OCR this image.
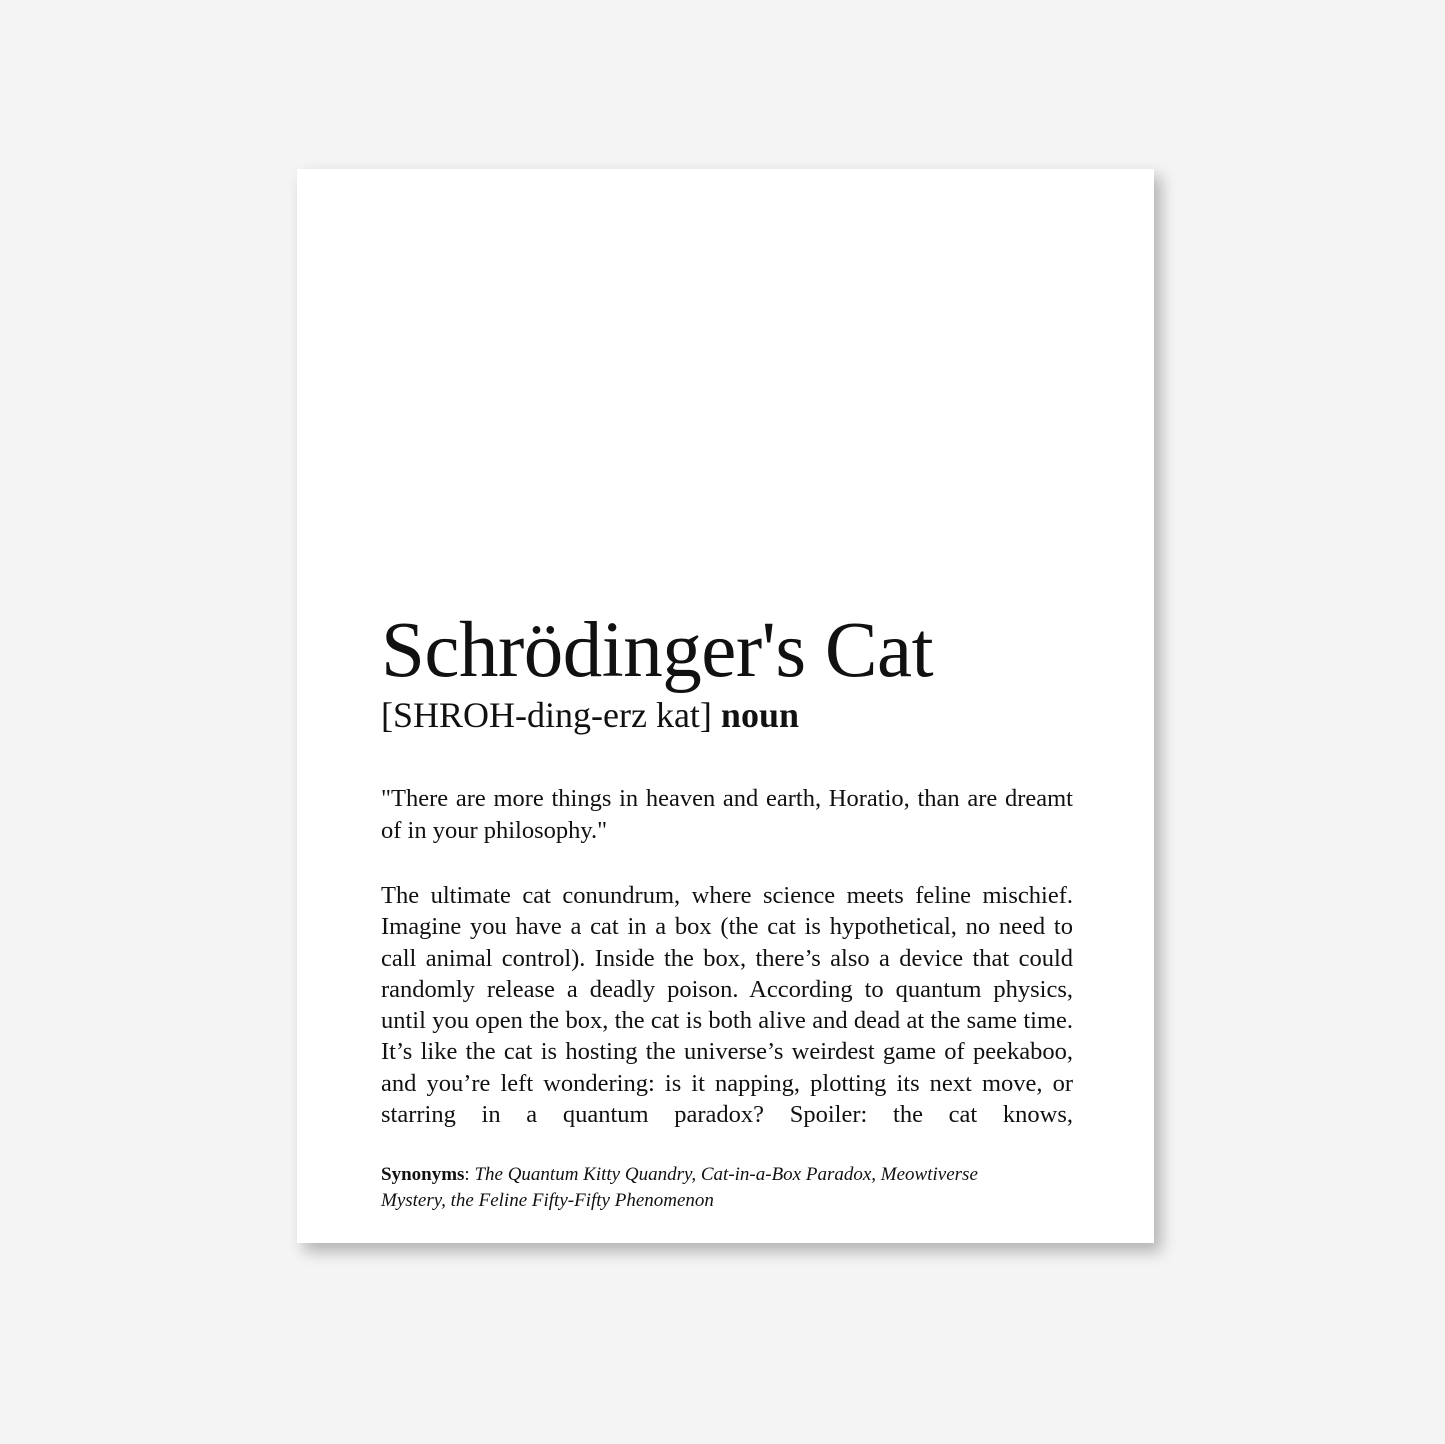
Schrödinger's Cat
[SHROH-ding-erz kat] noun

"There are more things in heaven and earth, Horatio, than are dreamt of in your philosophy."

The ultimate cat conundrum, where science meets feline mischief. Imagine you have a cat in a box (the cat is hypothetical, no need to call animal control). Inside the box, there’s also a device that could randomly release a deadly poison. According to quantum physics, until you open the box, the cat is both alive and dead at the same time. It’s like the cat is hosting the universe’s weirdest game of peekaboo, and you’re left wondering: is it napping, plotting its next move, or starring in a quantum paradox? Spoiler: the cat knows,

Synonyms: The Quantum Kitty Quandry, Cat-in-a-Box Paradox, Meowtiverse Mystery, the Feline Fifty-Fifty Phenomenon
